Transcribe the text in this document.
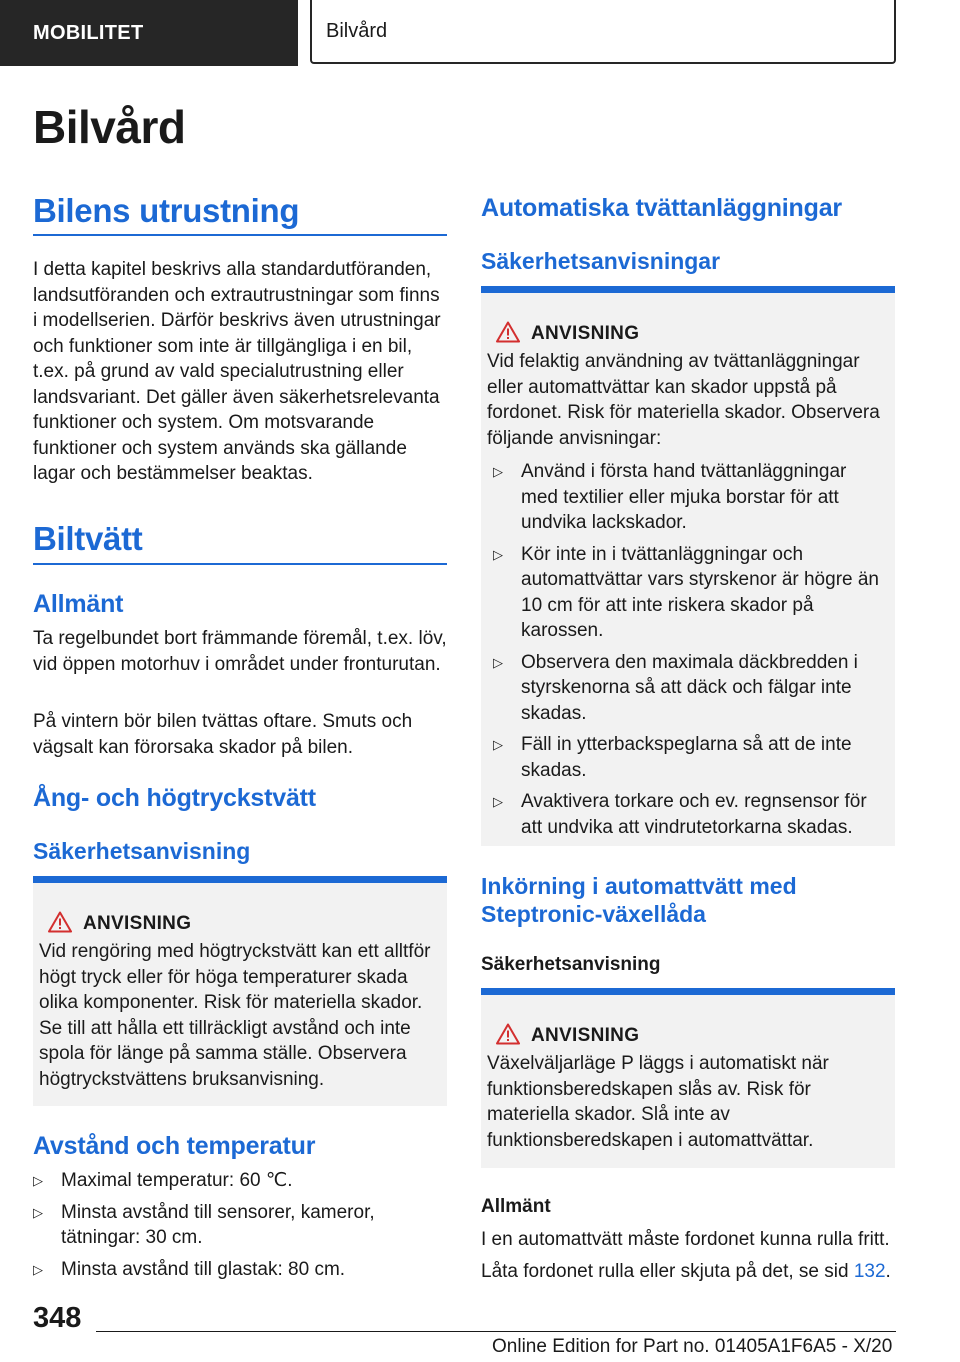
MOBILITET	Bilvård
Bilvård
Bilens utrustning

I detta kapitel beskrivs alla standardutföranden, landsutföranden och extrautrustningar som finns i modellserien. Därför beskrivs även utrustningar och funktioner som inte är tillgängliga i en bil, t.ex. på grund av vald specialutrustning eller landsvariant. Det gäller även säkerhetsrelevanta funktioner och system. Om motsvarande funktioner och system används ska gällande lagar och bestämmelser beaktas.

Biltvätt
Allmänt

Ta regelbundet bort främmande föremål, t.ex. löv, vid öppen motorhuv i området under fronturutan.

På vintern bör bilen tvättas oftare. Smuts och vägsalt kan förorsaka skador på bilen.

Ång- och högtryckstvätt
Säkerhetsanvisning
ANVISNING

Vid rengöring med högtryckstvätt kan ett alltför högt tryck eller för höga temperaturer skada olika komponenter. Risk för materiella skador. Se till att hålla ett tillräckligt avstånd och inte spola för länge på samma ställe. Observera högtryckstvättens bruksanvisning.

Avstånd och temperatur
▷ Maximal temperatur: 60 ℃.
▷ Minsta avstånd till sensorer, kameror, tätningar: 30 cm.
▷ Minsta avstånd till glastak: 80 cm.
Automatiska tvättanläggningar
Säkerhetsanvisningar
ANVISNING

Vid felaktig användning av tvättanläggningar eller automattvättar kan skador uppstå på fordonet. Risk för materiella skador. Observera följande anvisningar:

▷ Använd i första hand tvättanläggningar med textilier eller mjuka borstar för att undvika lackskador.
▷ Kör inte in i tvättanläggningar och automattvättar vars styrskenor är högre än 10 cm för att inte riskera skador på karossen.
▷ Observera den maximala däckbredden i styrskenorna så att däck och fälgar inte skadas.
▷ Fäll in ytterbackspeglarna så att de inte skadas.
▷ Avaktivera torkare och ev. regnsensor för att undvika att vindrutetorkarna skadas.
Inkörning i automattvätt med Steptronic-växellåda
Säkerhetsanvisning
ANVISNING

Växelväljarläge P läggs i automatiskt när funktionsberedskapen slås av. Risk för materiella skador. Slå inte av funktionsberedskapen i automattvättar.

Allmänt

I en automattvätt måste fordonet kunna rulla fritt.

Låta fordonet rulla eller skjuta på det, se sid 132.

348
Online Edition for Part no. 01405A1F6A5 - X/20
